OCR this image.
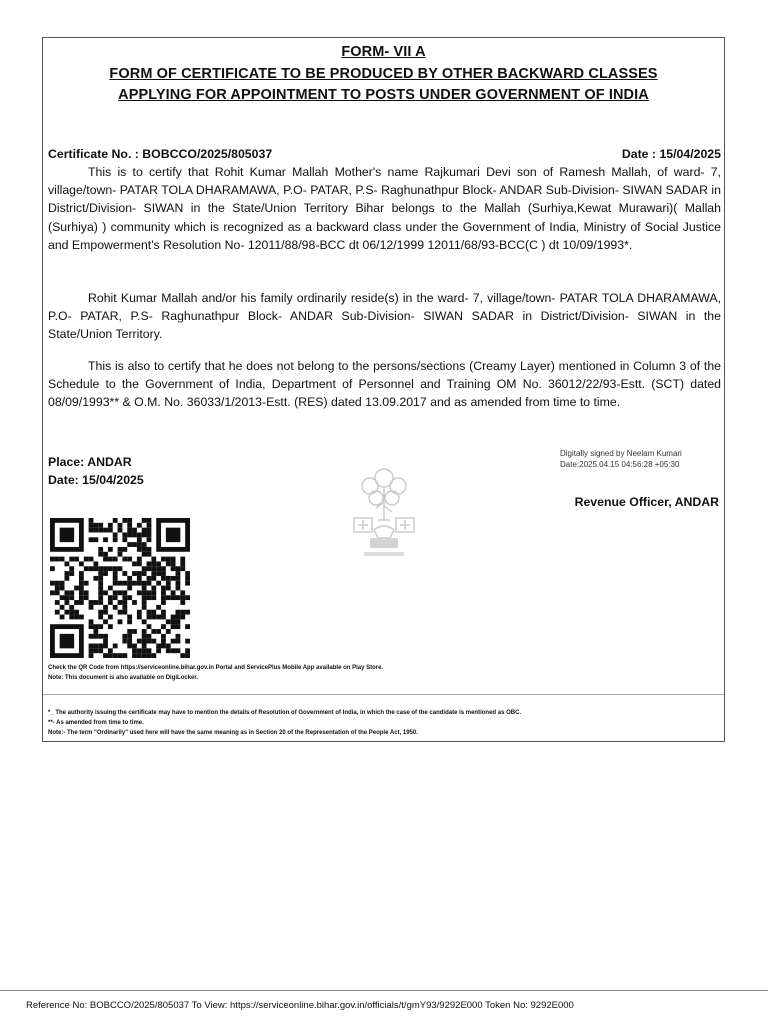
FORM- VII A
FORM OF CERTIFICATE TO BE PRODUCED BY OTHER BACKWARD CLASSES
APPLYING FOR APPOINTMENT TO POSTS UNDER GOVERNMENT OF INDIA
Certificate No. : BOBCCO/2025/805037	Date : 15/04/2025
This is to certify that Rohit Kumar Mallah Mother's name Rajkumari Devi son of Ramesh Mallah, of ward- 7, village/town- PATAR TOLA DHARAMAWA, P.O- PATAR, P.S- Raghunathpur Block- ANDAR Sub-Division- SIWAN SADAR in District/Division- SIWAN in the State/Union Territory Bihar belongs to the Mallah (Surhiya,Kewat Murawari)( Mallah (Surhiya) ) community which is recognized as a backward class under the Government of India, Ministry of Social Justice and Empowerment's Resolution No- 12011/88/98-BCC dt 06/12/1999 12011/68/93-BCC(C ) dt 10/09/1993*.
Rohit Kumar Mallah and/or his family ordinarily reside(s) in the ward- 7, village/town- PATAR TOLA DHARAMAWA, P.O- PATAR, P.S- Raghunathpur Block- ANDAR Sub-Division- SIWAN SADAR in District/Division- SIWAN in the State/Union Territory.
This is also to certify that he does not belong to the persons/sections (Creamy Layer) mentioned in Column 3 of the Schedule to the Government of India, Department of Personnel and Training OM No. 36012/22/93-Estt. (SCT) dated 08/09/1993** & O.M. No. 36033/1/2013-Estt. (RES) dated 13.09.2017 and as amended from time to time.
Digitally signed by Neelam Kumari
Date:2025.04.15 04:56:28 +05:30
Place: ANDAR
Date: 15/04/2025
Revenue Officer, ANDAR
Check the QR Code from https://serviceonline.bihar.gov.in Portal and ServicePlus Mobile App available on Play Store.
Note: This document is also available on DigiLocker.
*_ The authority issuing the certificate may have to mention the details of Resolution of Government of India, in which the case of the candidate is mentioned as OBC.
**- As amended from time to time.
Note:- The term "Ordinarily" used here will have the same meaning as in Section 20 of the Representation of the People Act, 1950.
Reference No: BOBCCO/2025/805037 To View: https://serviceonline.bihar.gov.in/officials/t/gmY93/9292E000 Token No: 9292E000
